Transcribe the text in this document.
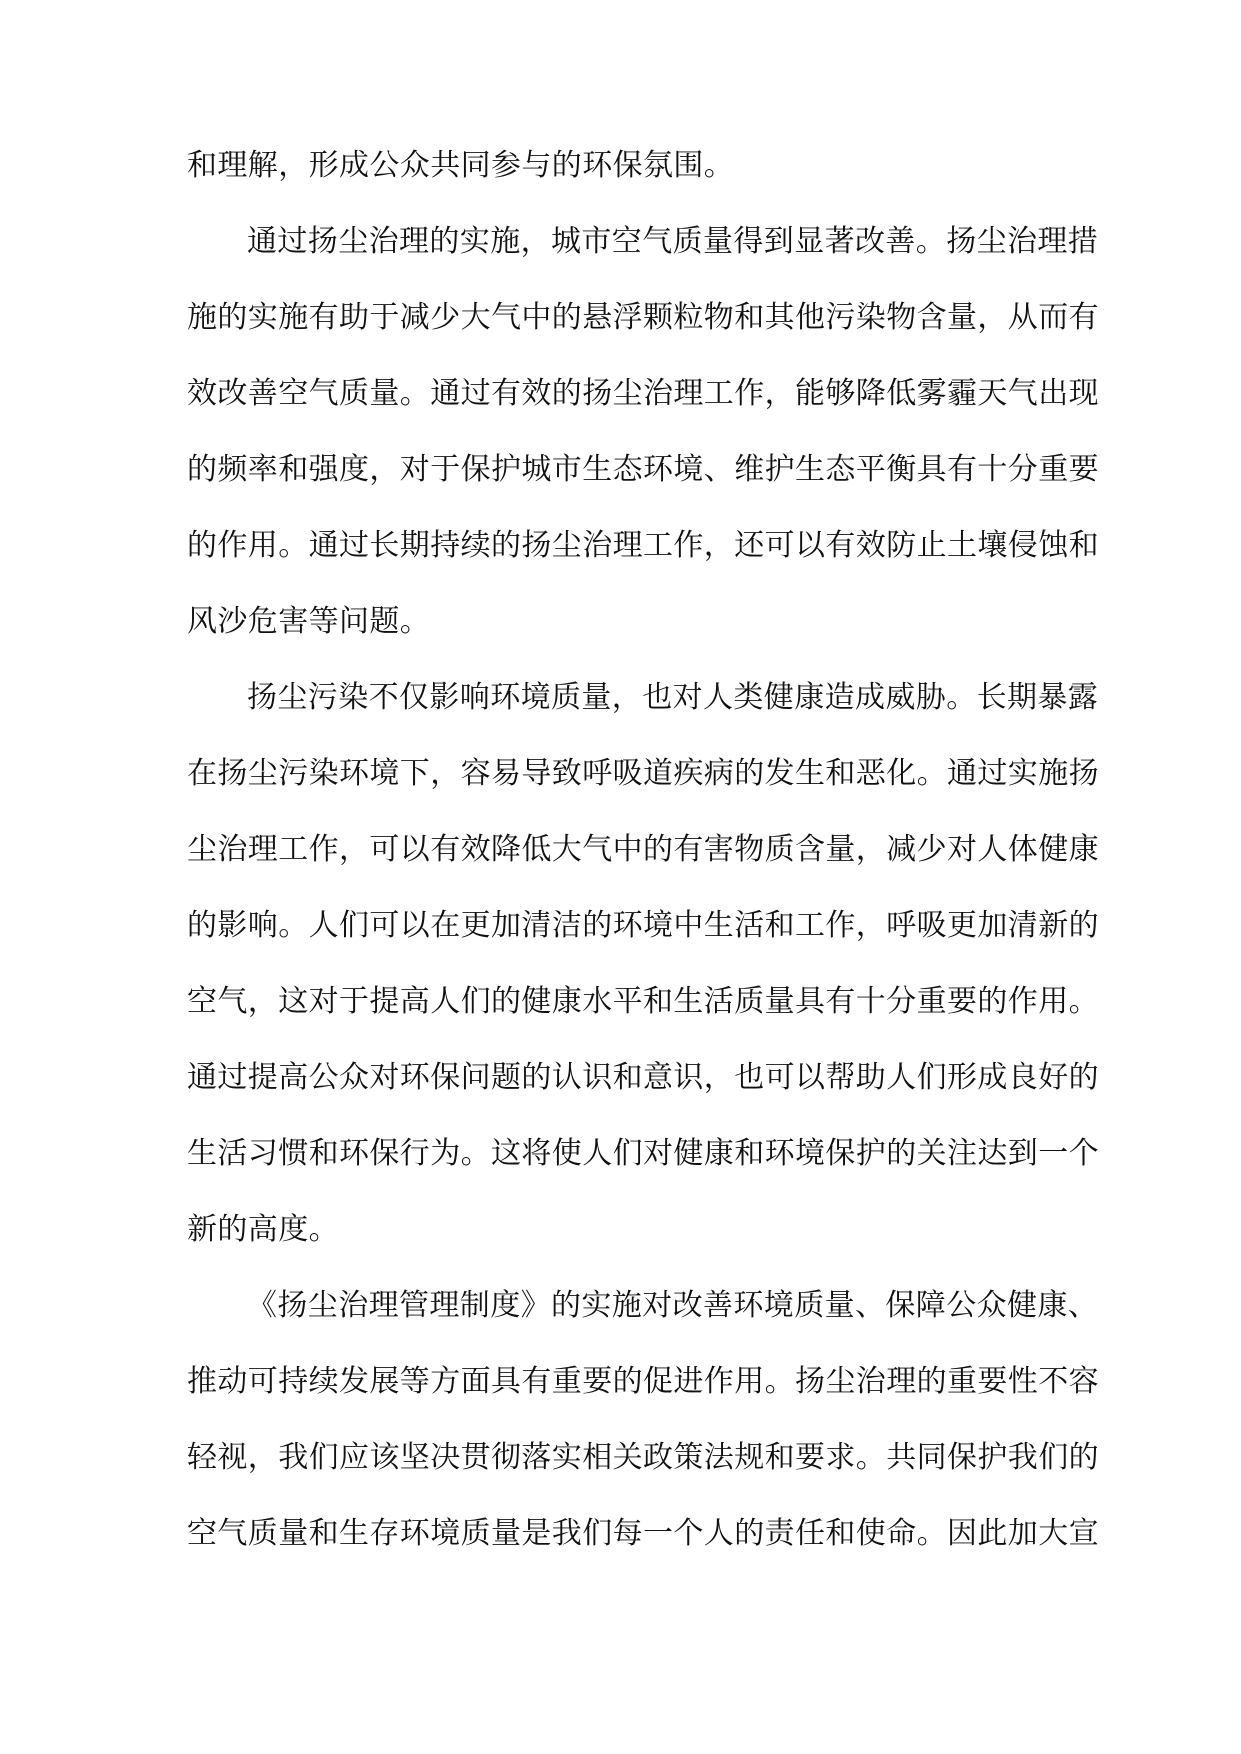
和理解，形成公众共同参与的环保氛围。
通过扬尘治理的实施，城市空气质量得到显著改善。扬尘治理措
施的实施有助于减少大气中的悬浮颗粒物和其他污染物含量，从而有
效改善空气质量。通过有效的扬尘治理工作，能够降低雾霾天气出现
的频率和强度，对于保护城市生态环境、维护生态平衡具有十分重要
的作用。通过长期持续的扬尘治理工作，还可以有效防止土壤侵蚀和
风沙危害等问题。
扬尘污染不仅影响环境质量，也对人类健康造成威胁。长期暴露
在扬尘污染环境下，容易导致呼吸道疾病的发生和恶化。通过实施扬
尘治理工作，可以有效降低大气中的有害物质含量，减少对人体健康
的影响。人们可以在更加清洁的环境中生活和工作，呼吸更加清新的
空气，这对于提高人们的健康水平和生活质量具有十分重要的作用。
通过提高公众对环保问题的认识和意识，也可以帮助人们形成良好的
生活习惯和环保行为。这将使人们对健康和环境保护的关注达到一个
新的高度。
《扬尘治理管理制度》的实施对改善环境质量、保障公众健康、
推动可持续发展等方面具有重要的促进作用。扬尘治理的重要性不容
轻视，我们应该坚决贯彻落实相关政策法规和要求。共同保护我们的
空气质量和生存环境质量是我们每一个人的责任和使命。因此加大宣
